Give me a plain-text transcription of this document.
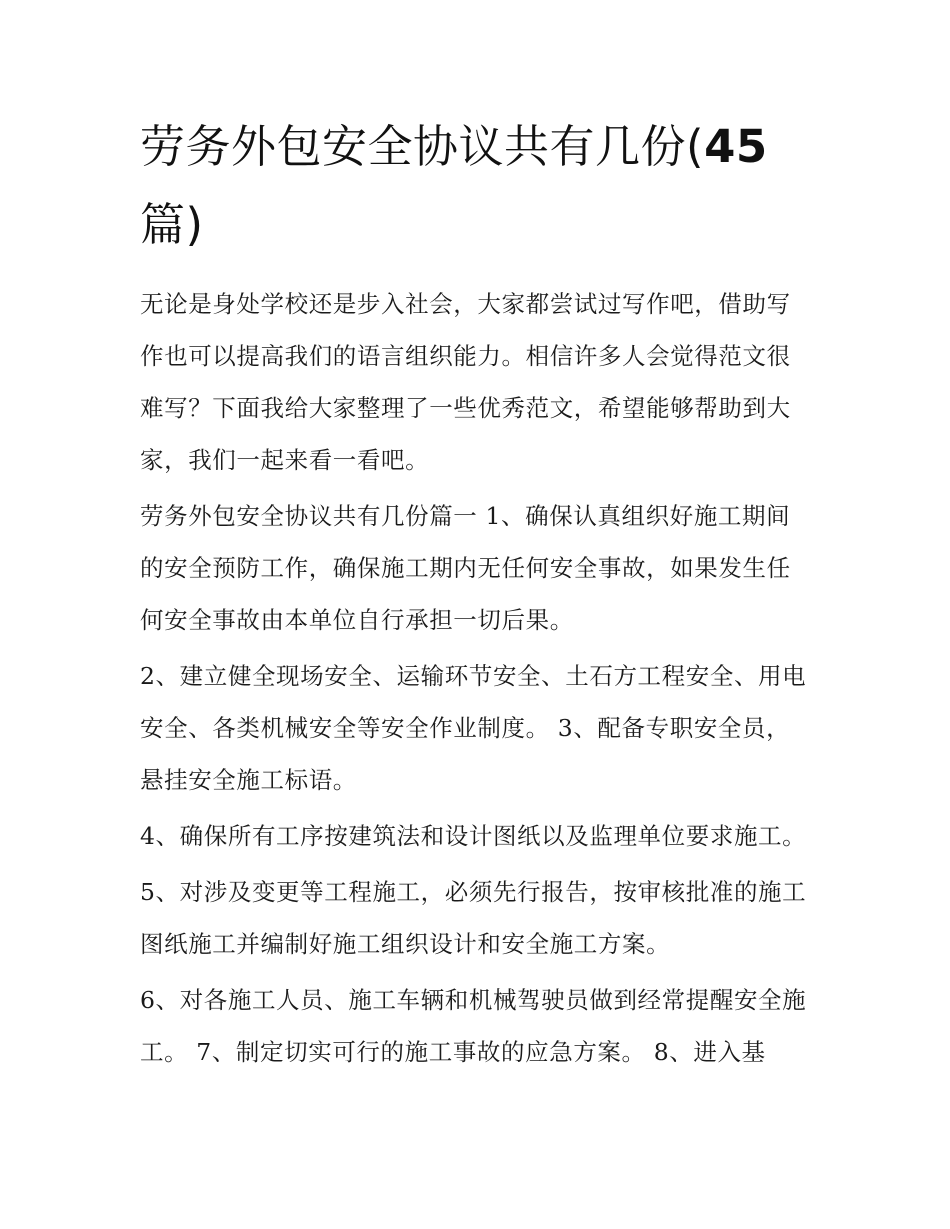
劳务外包安全协议共有几份(45
篇)

无论是身处学校还是步入社会，大家都尝试过写作吧，借助写作也可以提高我们的语言组织能力。相信许多人会觉得范文很难写？下面我给大家整理了一些优秀范文，希望能够帮助到大家，我们一起来看一看吧。

劳务外包安全协议共有几份篇一 1、确保认真组织好施工期间的安全预防工作，确保施工期内无任何安全事故，如果发生任何安全事故由本单位自行承担一切后果。

2、建立健全现场安全、运输环节安全、土石方工程安全、用电安全、各类机械安全等安全作业制度。 3、配备专职安全员，悬挂安全施工标语。

4、确保所有工序按建筑法和设计图纸以及监理单位要求施工。

5、对涉及变更等工程施工，必须先行报告，按审核批准的施工图纸施工并编制好施工组织设计和安全施工方案。

6、对各施工人员、施工车辆和机械驾驶员做到经常提醒安全施工。 7、制定切实可行的施工事故的应急方案。 8、进入基
